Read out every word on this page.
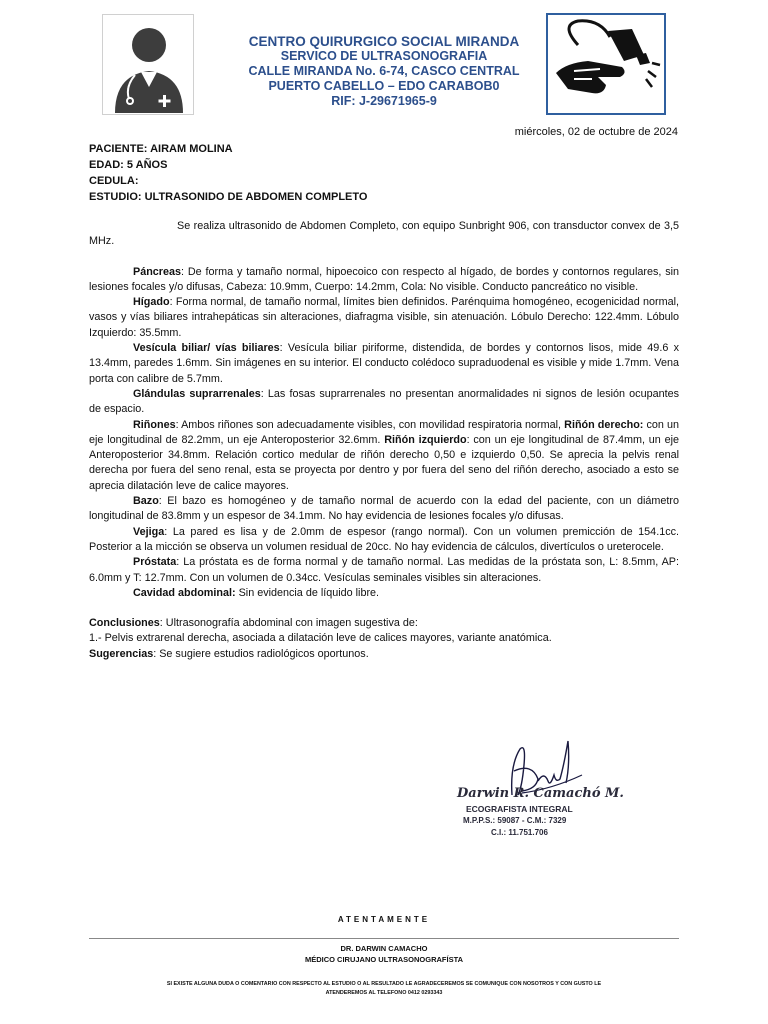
CENTRO QUIRURGICO SOCIAL MIRANDA
SERVICO DE ULTRASONOGRAFIA
CALLE MIRANDA No. 6-74, CASCO CENTRAL
PUERTO CABELLO – EDO CARABOB0
RIF: J-29671965-9
miércoles, 02 de octubre de 2024
PACIENTE: AIRAM MOLINA
EDAD: 5 AÑOS
CEDULA:
ESTUDIO: ULTRASONIDO DE ABDOMEN COMPLETO

Se realiza ultrasonido de Abdomen Completo, con equipo Sunbright 906, con transductor convex de 3,5 MHz.

Páncreas: De forma y tamaño normal, hipoecoico con respecto al hígado, de bordes y contornos regulares, sin lesiones focales y/o difusas, Cabeza: 10.9mm, Cuerpo: 14.2mm, Cola: No visible. Conducto pancreático no visible.

Hígado: Forma normal, de tamaño normal, límites bien definidos. Parénquima homogéneo, ecogenicidad normal, vasos y vías biliares intrahepáticas sin alteraciones, diafragma visible, sin atenuación. Lóbulo Derecho: 122.4mm. Lóbulo Izquierdo: 35.5mm.

Vesícula biliar/ vías biliares: Vesícula biliar piriforme, distendida, de bordes y contornos lisos, mide 49.6 x 13.4mm, paredes 1.6mm. Sin imágenes en su interior. El conducto colédoco supraduodenal es visible y mide 1.7mm. Vena porta con calibre de 5.7mm.

Glándulas suprarrenales: Las fosas suprarrenales no presentan anormalidades ni signos de lesión ocupantes de espacio.

Riñones: Ambos riñones son adecuadamente visibles, con movilidad respiratoria normal, Riñón derecho: con un eje longitudinal de 82.2mm, un eje Anteroposterior 32.6mm. Riñón izquierdo: con un eje longitudinal de 87.4mm, un eje Anteroposterior 34.8mm. Relación cortico medular de riñón derecho 0,50 e izquierdo 0,50. Se aprecia la pelvis renal derecha por fuera del seno renal, esta se proyecta por dentro y por fuera del seno del riñón derecho, asociado a esto se aprecia dilatación leve de calice mayores.

Bazo: El bazo es homogéneo y de tamaño normal de acuerdo con la edad del paciente, con un diámetro longitudinal de 83.8mm y un espesor de 34.1mm. No hay evidencia de lesiones focales y/o difusas.

Vejiga: La pared es lisa y de 2.0mm de espesor (rango normal). Con un volumen premicción de 154.1cc. Posterior a la micción se observa un volumen residual de 20cc. No hay evidencia de cálculos, divertículos o ureterocele.

Próstata: La próstata es de forma normal y de tamaño normal. Las medidas de la próstata son, L: 8.5mm, AP: 6.0mm y T: 12.7mm. Con un volumen de 0.34cc. Vesículas seminales visibles sin alteraciones.

Cavidad abdominal: Sin evidencia de líquido libre.

Conclusiones: Ultrasonografía abdominal con imagen sugestiva de:

1.- Pelvis extrarenal derecha, asociada a dilatación leve de calices mayores, variante anatómica.

Sugerencias: Se sugiere estudios radiológicos oportunos.

Darwin R. Camachó M.
ECOGRAFISTA INTEGRAL
M.P.P.S.: 59087 - C.M.: 7329
C.I.: 11.751.706
ATENTAMENTE
DR. DARWIN CAMACHO
MÉDICO CIRUJANO ULTRASONOGRAFÍSTA
SI EXISTE ALGUNA DUDA O COMENTARIO CON RESPECTO AL ESTUDIO O AL RESULTADO LE AGRADECEREMOS SE COMUNIQUE CON NOSOTROS Y CON GUSTO LE
ATENDEREMOS AL TELEFONO 0412 0293343
